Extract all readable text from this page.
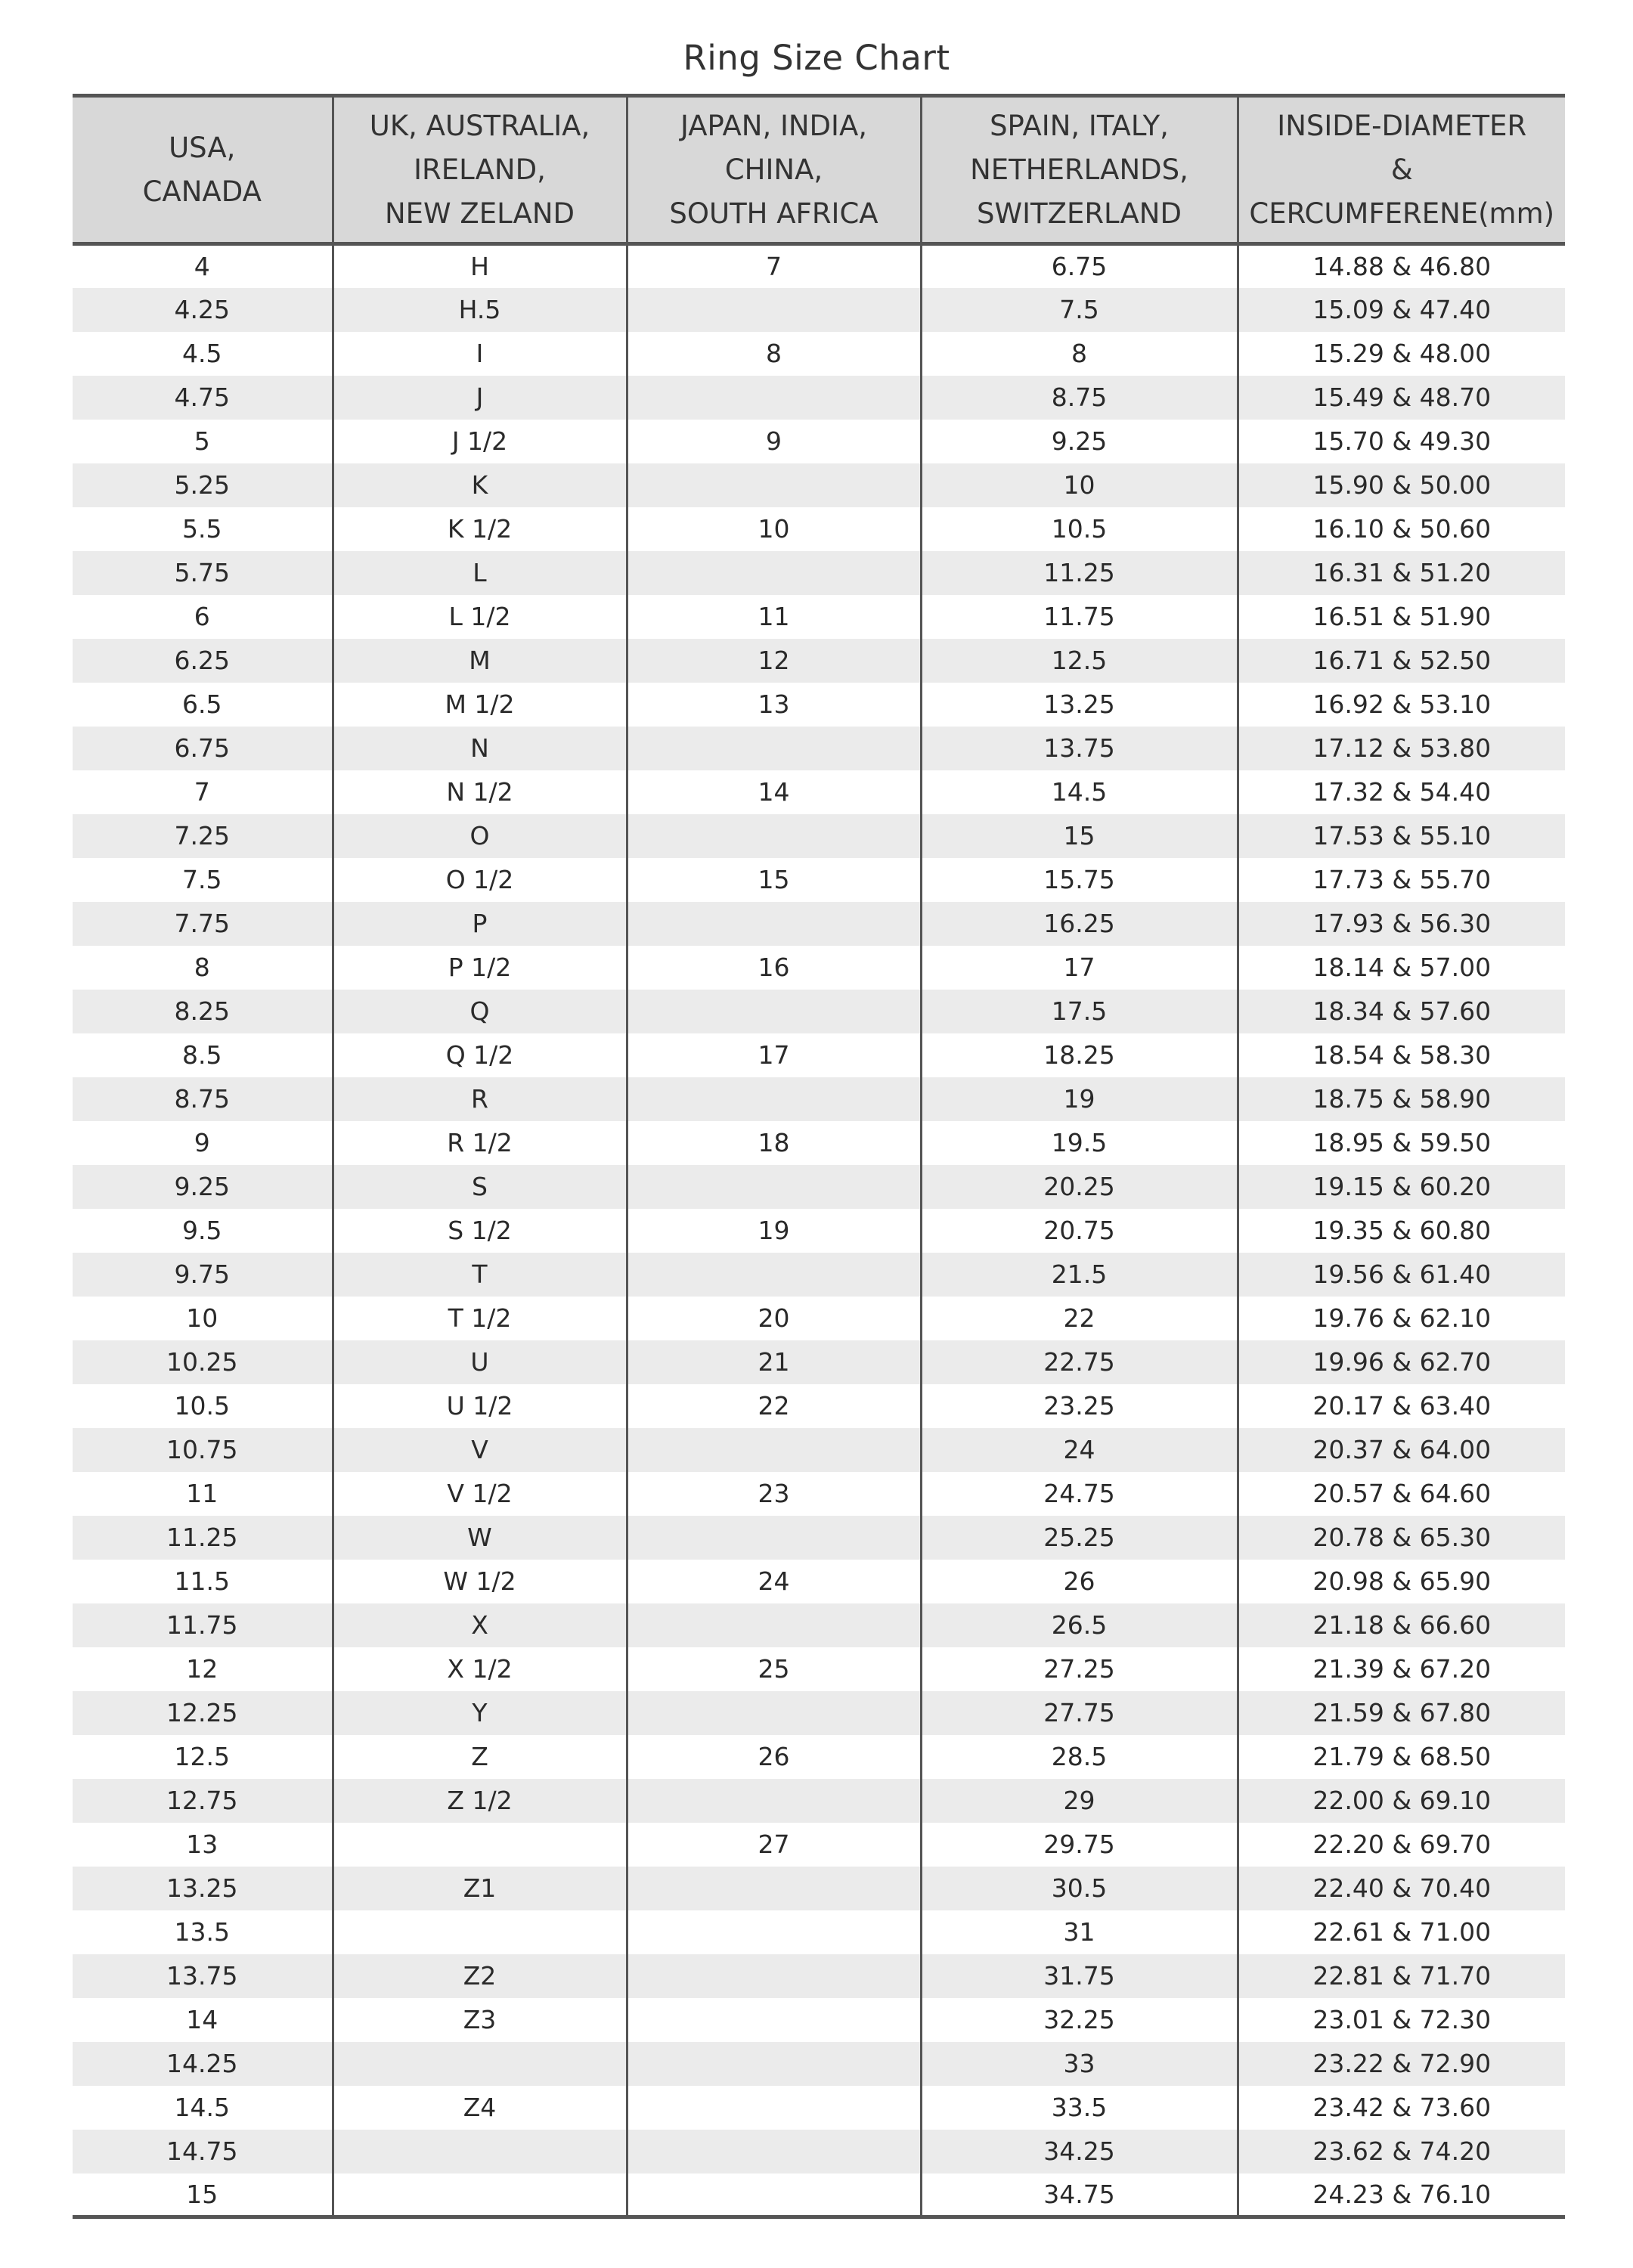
Ring Size Chart
USA,
CANADA	UK, AUSTRALIA,
IRELAND,
NEW ZELAND	JAPAN, INDIA,
CHINA,
SOUTH AFRICA	SPAIN, ITALY,
NETHERLANDS,
SWITZERLAND	INSIDE-DIAMETER
&
CERCUMFERENE(mm)

4	H	7	6.75	14.88 & 46.80
4.25	H.5		7.5	15.09 & 47.40
4.5	I	8	8	15.29 & 48.00
4.75	J		8.75	15.49 & 48.70
5	J 1/2	9	9.25	15.70 & 49.30
5.25	K		10	15.90 & 50.00
5.5	K 1/2	10	10.5	16.10 & 50.60
5.75	L		11.25	16.31 & 51.20
6	L 1/2	11	11.75	16.51 & 51.90
6.25	M	12	12.5	16.71 & 52.50
6.5	M 1/2	13	13.25	16.92 & 53.10
6.75	N		13.75	17.12 & 53.80
7	N 1/2	14	14.5	17.32 & 54.40
7.25	O		15	17.53 & 55.10
7.5	O 1/2	15	15.75	17.73 & 55.70
7.75	P		16.25	17.93 & 56.30
8	P 1/2	16	17	18.14 & 57.00
8.25	Q		17.5	18.34 & 57.60
8.5	Q 1/2	17	18.25	18.54 & 58.30
8.75	R		19	18.75 & 58.90
9	R 1/2	18	19.5	18.95 & 59.50
9.25	S		20.25	19.15 & 60.20
9.5	S 1/2	19	20.75	19.35 & 60.80
9.75	T		21.5	19.56 & 61.40
10	T 1/2	20	22	19.76 & 62.10
10.25	U	21	22.75	19.96 & 62.70
10.5	U 1/2	22	23.25	20.17 & 63.40
10.75	V		24	20.37 & 64.00
11	V 1/2	23	24.75	20.57 & 64.60
11.25	W		25.25	20.78 & 65.30
11.5	W 1/2	24	26	20.98 & 65.90
11.75	X		26.5	21.18 & 66.60
12	X 1/2	25	27.25	21.39 & 67.20
12.25	Y		27.75	21.59 & 67.80
12.5	Z	26	28.5	21.79 & 68.50
12.75	Z 1/2		29	22.00 & 69.10
13		27	29.75	22.20 & 69.70
13.25	Z1		30.5	22.40 & 70.40
13.5			31	22.61 & 71.00
13.75	Z2		31.75	22.81 & 71.70
14	Z3		32.25	23.01 & 72.30
14.25			33	23.22 & 72.90
14.5	Z4		33.5	23.42 & 73.60
14.75			34.25	23.62 & 74.20
15			34.75	24.23 & 76.10
